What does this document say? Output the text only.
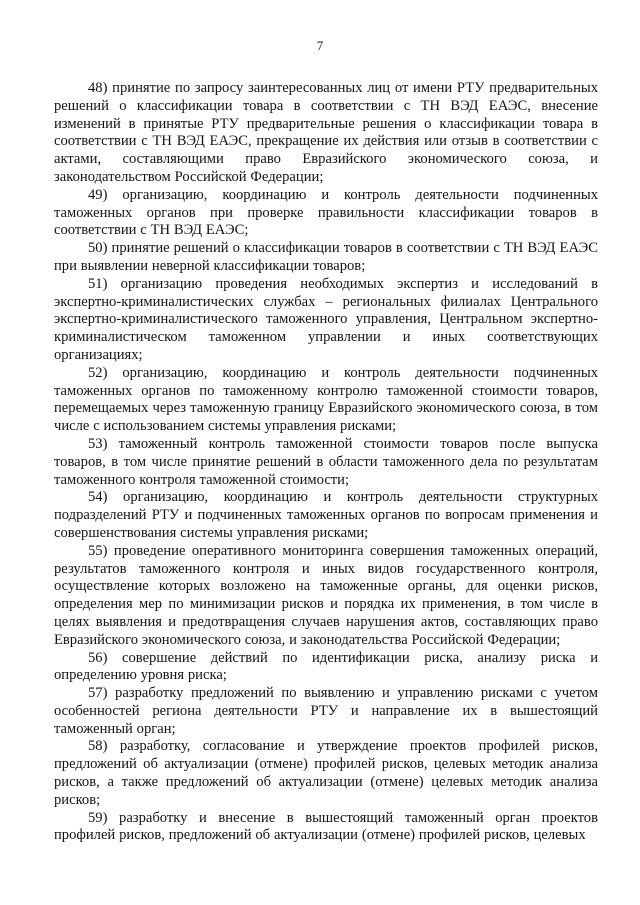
7

48) принятие по запросу заинтересованных лиц от имени РТУ предварительных решений о классификации товара в соответствии с ТН ВЭД ЕАЭС, внесение изменений в принятые РТУ предварительные решения о классификации товара в соответствии с ТН ВЭД ЕАЭС, прекращение их действия или отзыв в соответствии с актами, составляющими право Евразийского экономического союза, и законодательством Российской Федерации;

49) организацию, координацию и контроль деятельности подчиненных таможенных органов при проверке правильности классификации товаров в соответствии с ТН ВЭД ЕАЭС;

50) принятие решений о классификации товаров в соответствии с ТН ВЭД ЕАЭС при выявлении неверной классификации товаров;

51) организацию проведения необходимых экспертиз и исследований в экспертно-криминалистических службах – региональных филиалах Центрального экспертно-криминалистического таможенного управления, Центральном экспертно-криминалистическом таможенном управлении и иных соответствующих организациях;

52) организацию, координацию и контроль деятельности подчиненных таможенных органов по таможенному контролю таможенной стоимости товаров, перемещаемых через таможенную границу Евразийского экономического союза, в том числе с использованием системы управления рисками;

53) таможенный контроль таможенной стоимости товаров после выпуска товаров, в том числе принятие решений в области таможенного дела по результатам таможенного контроля таможенной стоимости;

54) организацию, координацию и контроль деятельности структурных подразделений РТУ и подчиненных таможенных органов по вопросам применения и совершенствования системы управления рисками;

55) проведение оперативного мониторинга совершения таможенных операций, результатов таможенного контроля и иных видов государственного контроля, осуществление которых возложено на таможенные органы, для оценки рисков, определения мер по минимизации рисков и порядка их применения, в том числе в целях выявления и предотвращения случаев нарушения актов, составляющих право Евразийского экономического союза, и законодательства Российской Федерации;

56) совершение действий по идентификации риска, анализу риска и определению уровня риска;

57) разработку предложений по выявлению и управлению рисками с учетом особенностей региона деятельности РТУ и направление их в вышестоящий таможенный орган;

58) разработку, согласование и утверждение проектов профилей рисков, предложений об актуализации (отмене) профилей рисков, целевых методик анализа рисков, а также предложений об актуализации (отмене) целевых методик анализа рисков;

59) разработку и внесение в вышестоящий таможенный орган проектов профилей рисков, предложений об актуализации (отмене) профилей рисков, целевых
